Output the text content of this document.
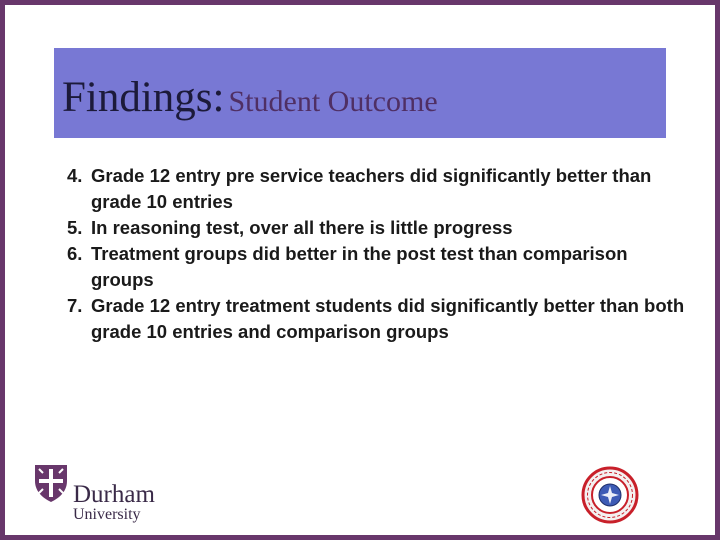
Findings: Student Outcome
4. Grade 12 entry pre service teachers did significantly better than grade 10 entries
5. In reasoning test, over all there is little progress
6. Treatment groups did better in the post test than comparison groups
7. Grade 12 entry treatment students did significantly better than both grade 10 entries and comparison groups
Durham
University
